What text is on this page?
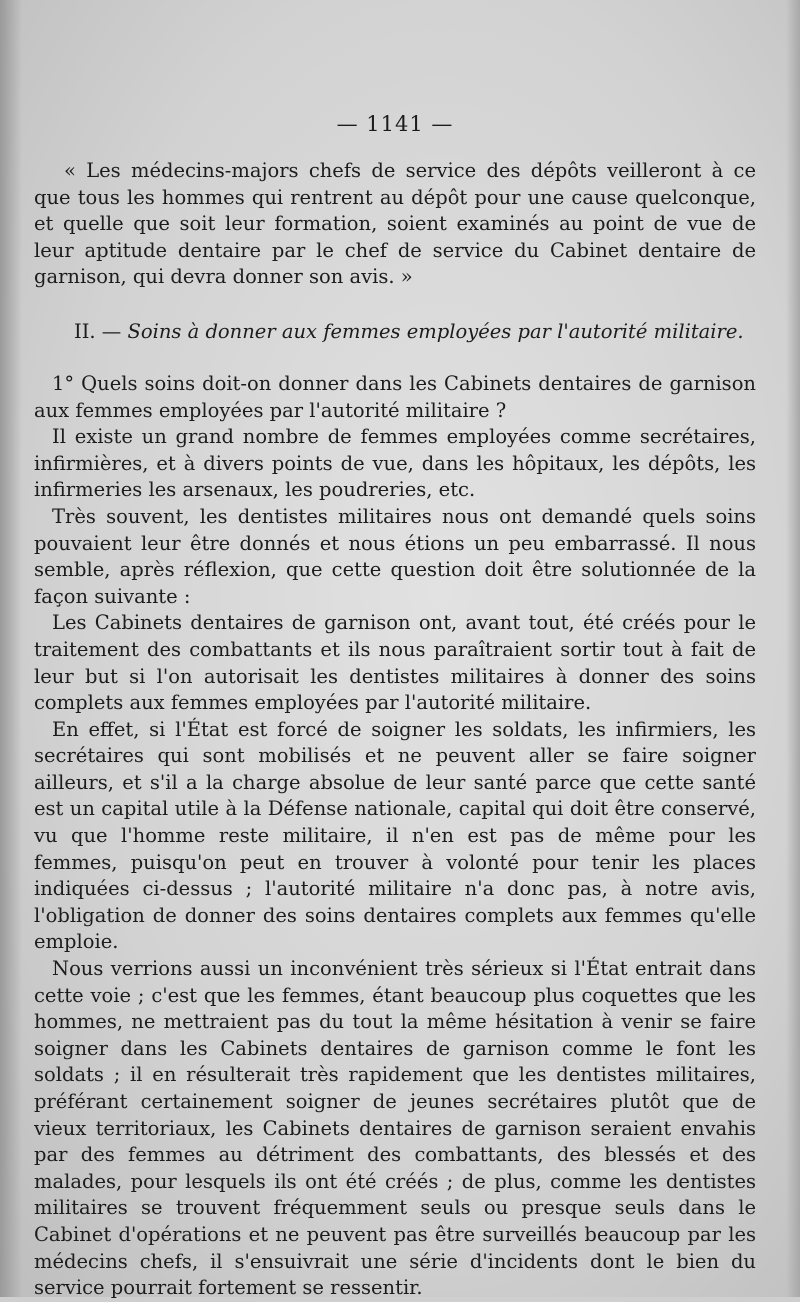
— 1141 —

« Les médecins-majors chefs de service des dépôts veilleront à ce que tous les hommes qui rentrent au dépôt pour une cause quelconque, et quelle que soit leur formation, soient examinés au point de vue de leur aptitude dentaire par le chef de service du Cabinet dentaire de garnison, qui devra donner son avis. »

II. — Soins à donner aux femmes employées par l'autorité militaire.

1° Quels soins doit-on donner dans les Cabinets dentaires de garnison aux femmes employées par l'autorité militaire ?

Il existe un grand nombre de femmes employées comme secrétaires, infirmières, et à divers points de vue, dans les hôpitaux, les dépôts, les infirmeries les arsenaux, les poudreries, etc.

Très souvent, les dentistes militaires nous ont demandé quels soins pouvaient leur être donnés et nous étions un peu embarrassé. Il nous semble, après réflexion, que cette question doit être solutionnée de la façon suivante :

Les Cabinets dentaires de garnison ont, avant tout, été créés pour le traitement des combattants et ils nous paraîtraient sortir tout à fait de leur but si l'on autorisait les dentistes militaires à donner des soins complets aux femmes employées par l'autorité militaire.

En effet, si l'État est forcé de soigner les soldats, les infirmiers, les secrétaires qui sont mobilisés et ne peuvent aller se faire soigner ailleurs, et s'il a la charge absolue de leur santé parce que cette santé est un capital utile à la Défense nationale, capital qui doit être conservé, vu que l'homme reste militaire, il n'en est pas de même pour les femmes, puisqu'on peut en trouver à volonté pour tenir les places indiquées ci-dessus ; l'autorité militaire n'a donc pas, à notre avis, l'obligation de donner des soins dentaires complets aux femmes qu'elle emploie.

Nous verrions aussi un inconvénient très sérieux si l'État entrait dans cette voie ; c'est que les femmes, étant beaucoup plus coquettes que les hommes, ne mettraient pas du tout la même hésitation à venir se faire soigner dans les Cabinets dentaires de garnison comme le font les soldats ; il en résulterait très rapidement que les dentistes militaires, préférant certainement soigner de jeunes secrétaires plutôt que de vieux territoriaux, les Cabinets dentaires de garnison seraient envahis par des femmes au détriment des combattants, des blessés et des malades, pour lesquels ils ont été créés ; de plus, comme les dentistes militaires se trouvent fréquemment seuls ou presque seuls dans le Cabinet d'opérations et ne peuvent pas être surveillés beaucoup par les médecins chefs, il s'ensuivrait une série d'incidents dont le bien du service pourrait fortement se ressentir.
